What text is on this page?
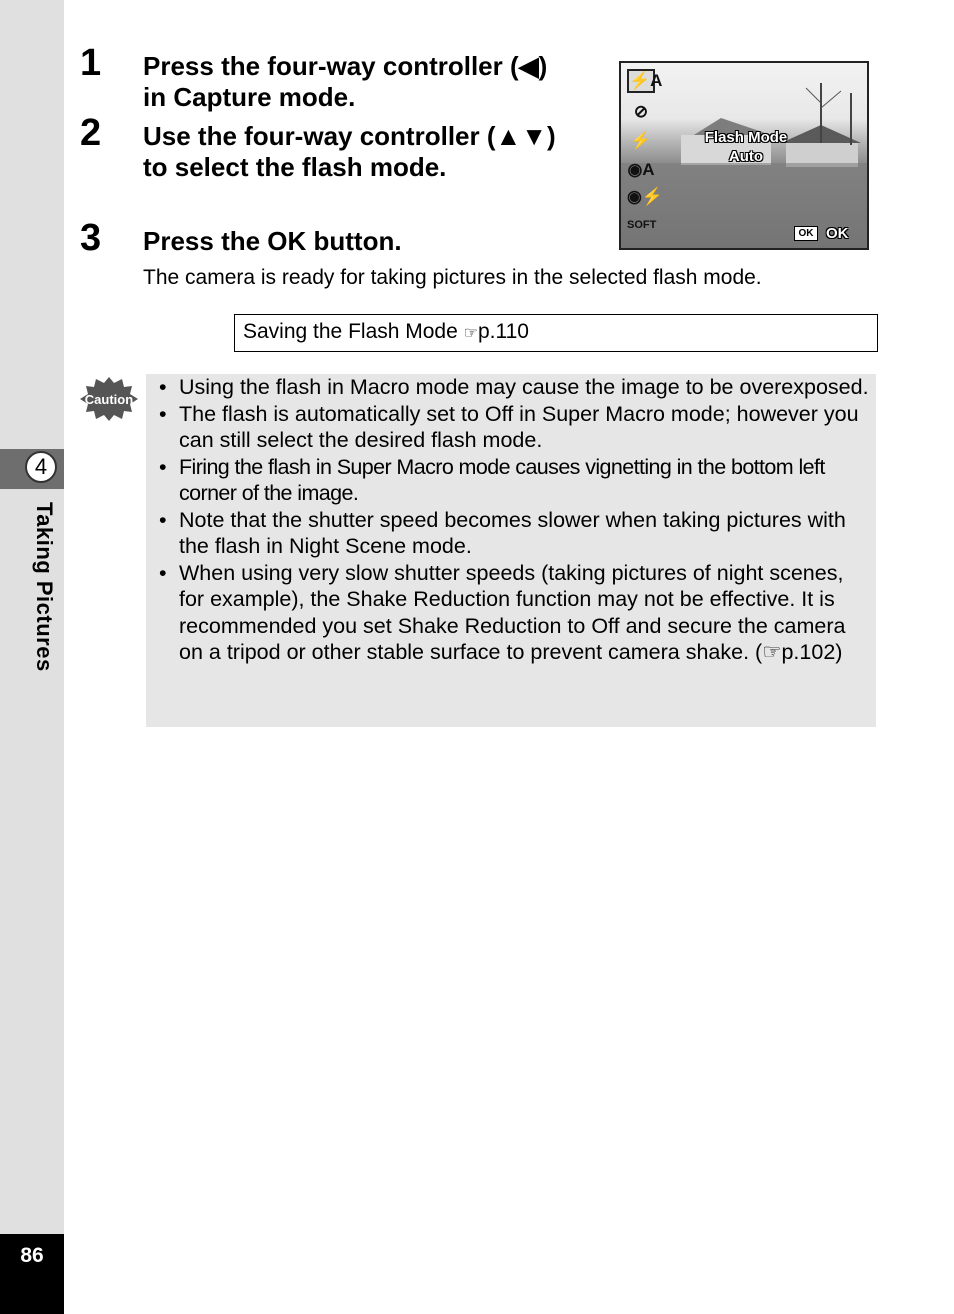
4
Taking Pictures
86
1 Press the four-way controller (◀)
in Capture mode.
2 Use the four-way controller (▲▼)
to select the flash mode.
3 Press the OK button.
The camera is ready for taking pictures in the selected flash mode.
⚡A
⊘
⚡
◉A
◉⚡
SOFT
Flash Mode
Auto
OK OK
Saving the Flash Mode ☞p.110
Caution
• Using the flash in Macro mode may cause the image to be overexposed.
• The flash is automatically set to Off in Super Macro mode; however you can still select the desired flash mode.
• Firing the flash in Super Macro mode causes vignetting in the bottom left corner of the image.
• Note that the shutter speed becomes slower when taking pictures with the flash in Night Scene mode.
• When using very slow shutter speeds (taking pictures of night scenes, for example), the Shake Reduction function may not be effective. It is recommended you set Shake Reduction to Off and secure the camera on a tripod or other stable surface to prevent camera shake. (☞p.102)
